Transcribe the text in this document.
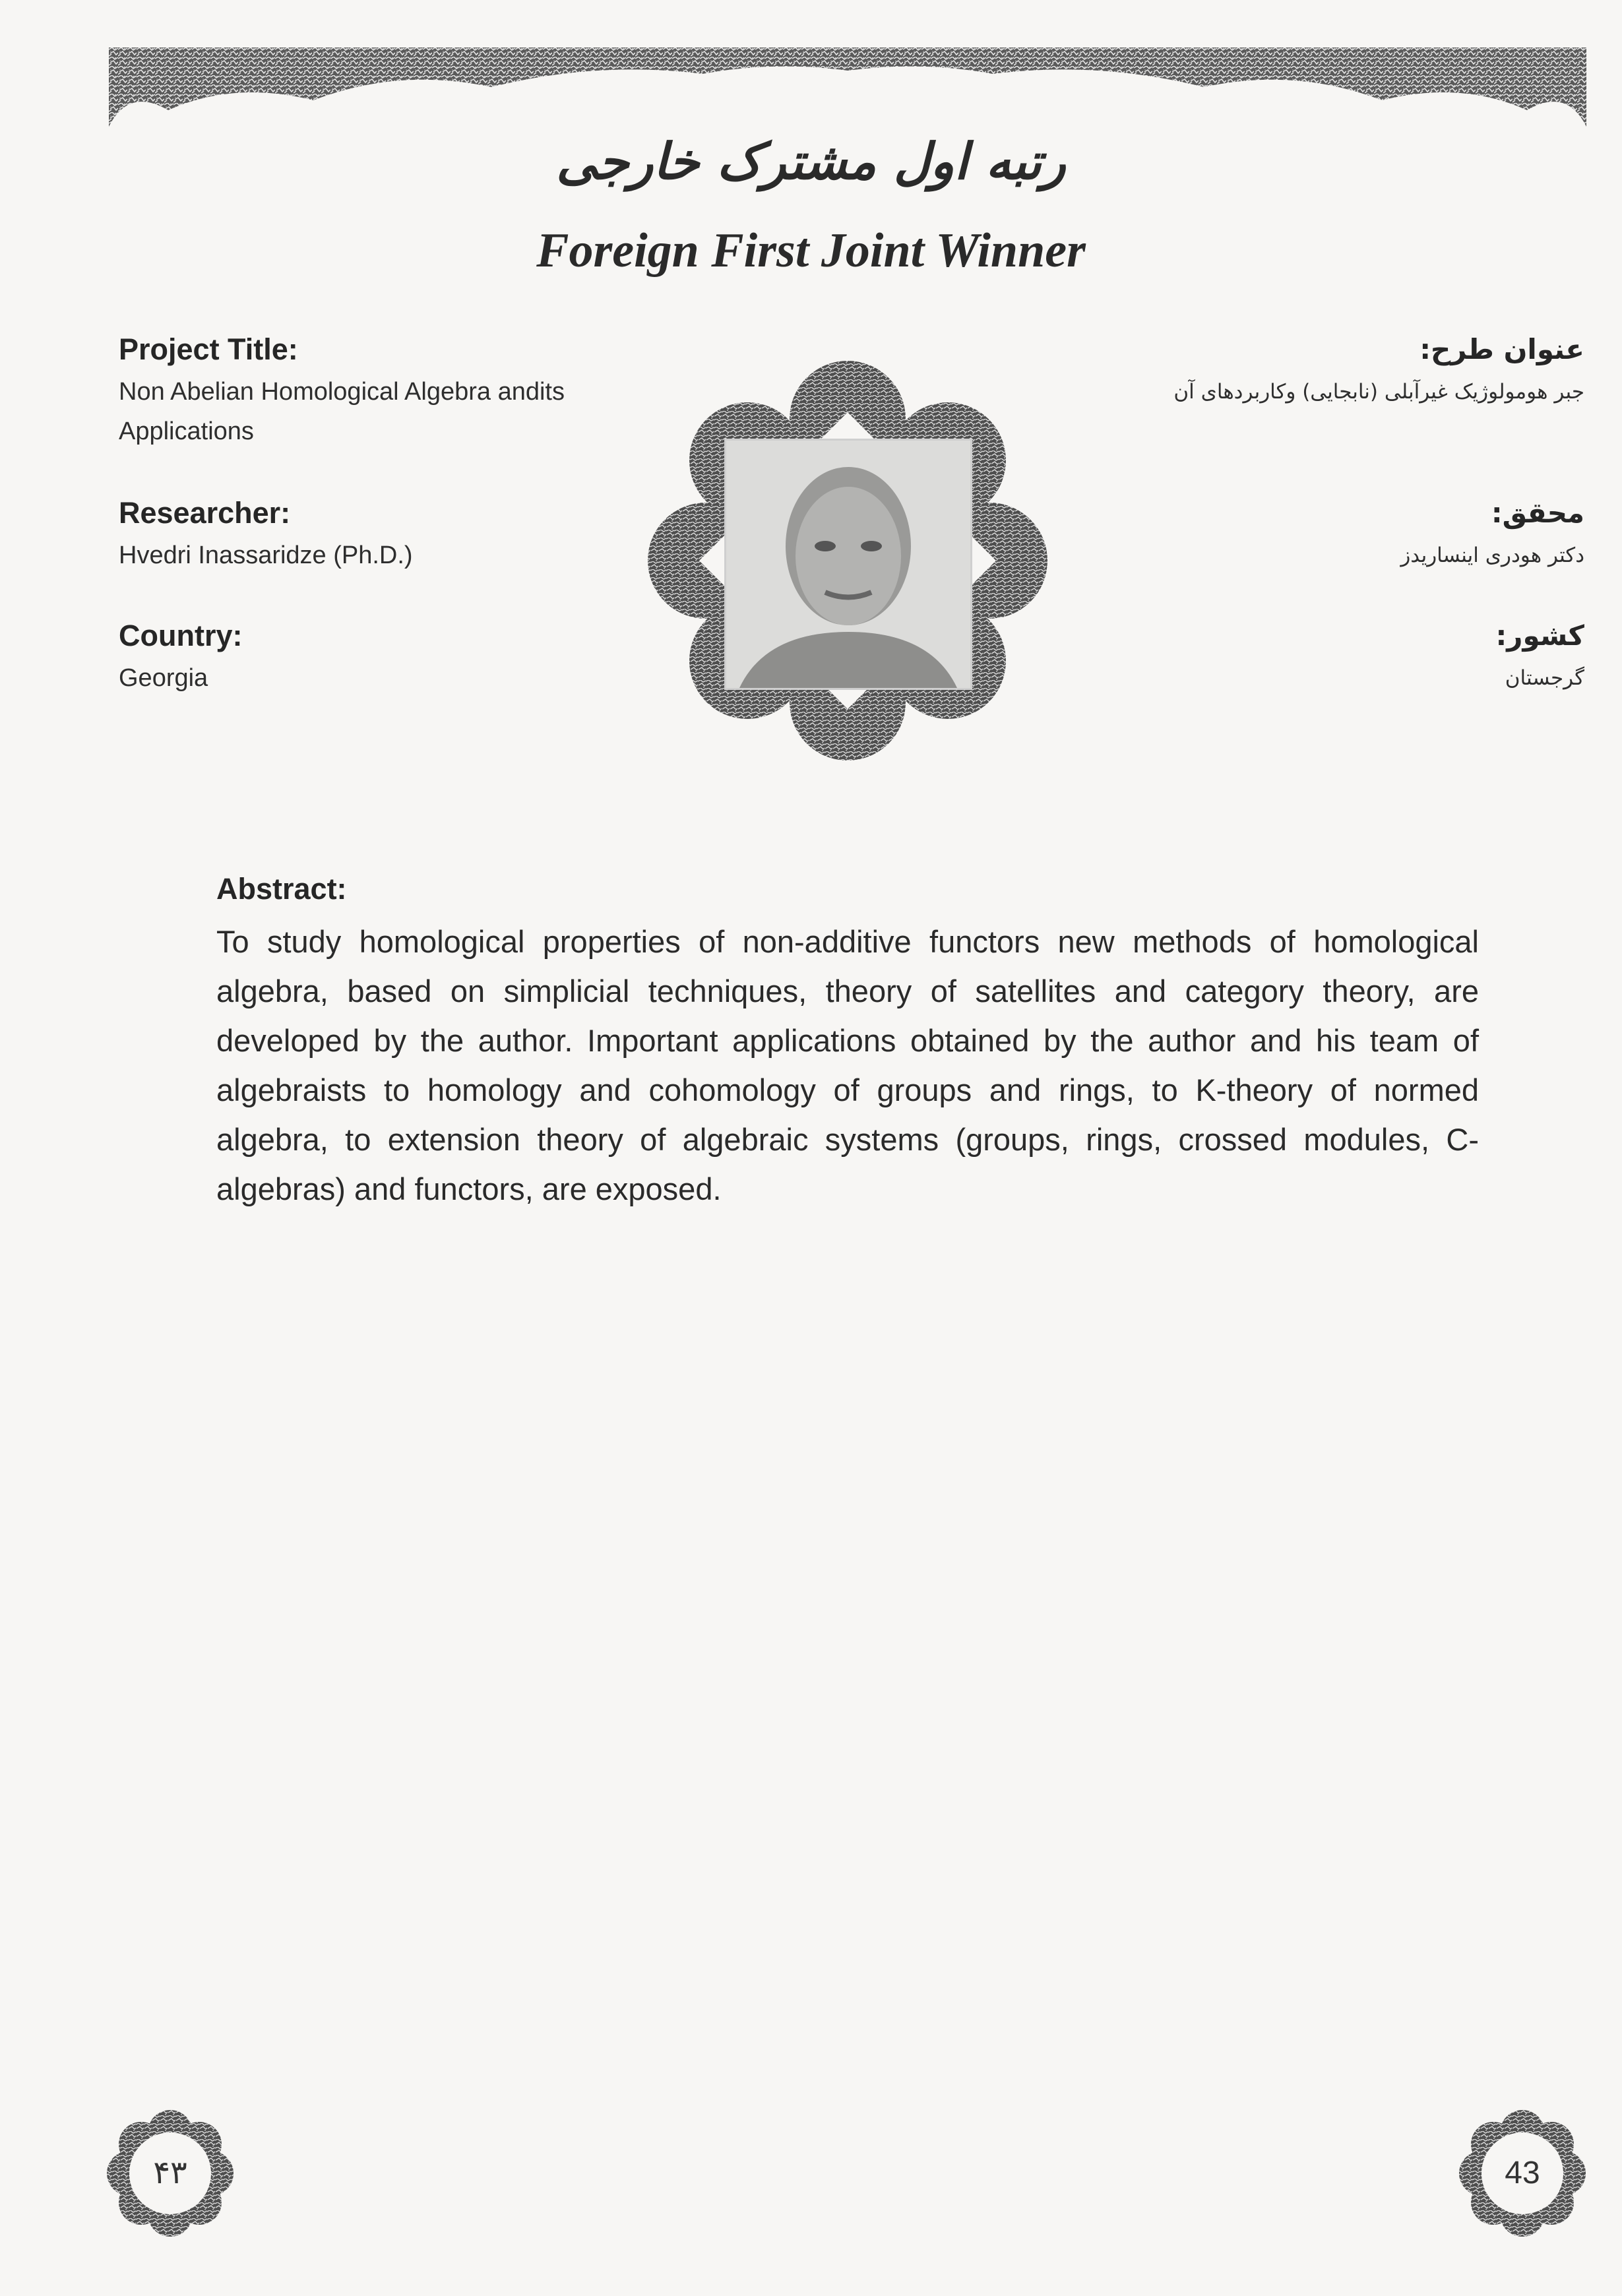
رتبه اول مشترک خارجی
Foreign First Joint Winner

Project Title:

Non Abelian Homological Algebra andits

Applications

Researcher:

Hvedri Inassaridze (Ph.D.)

Country:

Georgia

عنوان طرح:

جبر هومولوژیک غیرآبلی (نابجایی) وکاربردهای آن

محقق:

دکتر هودری اینساریدز

کشور:

گرجستان

Abstract:

To study homological properties of non-additive functors new methods of homological algebra, based on simplicial techniques, theory of satellites and category theory, are developed by the author. Important applications obtained by the author and his team of algebraists to homology and cohomology of groups and rings, to K-theory of normed algebra, to extension theory of algebraic systems (groups, rings, crossed modules, C-algebras) and functors, are exposed.
۴۳	43
